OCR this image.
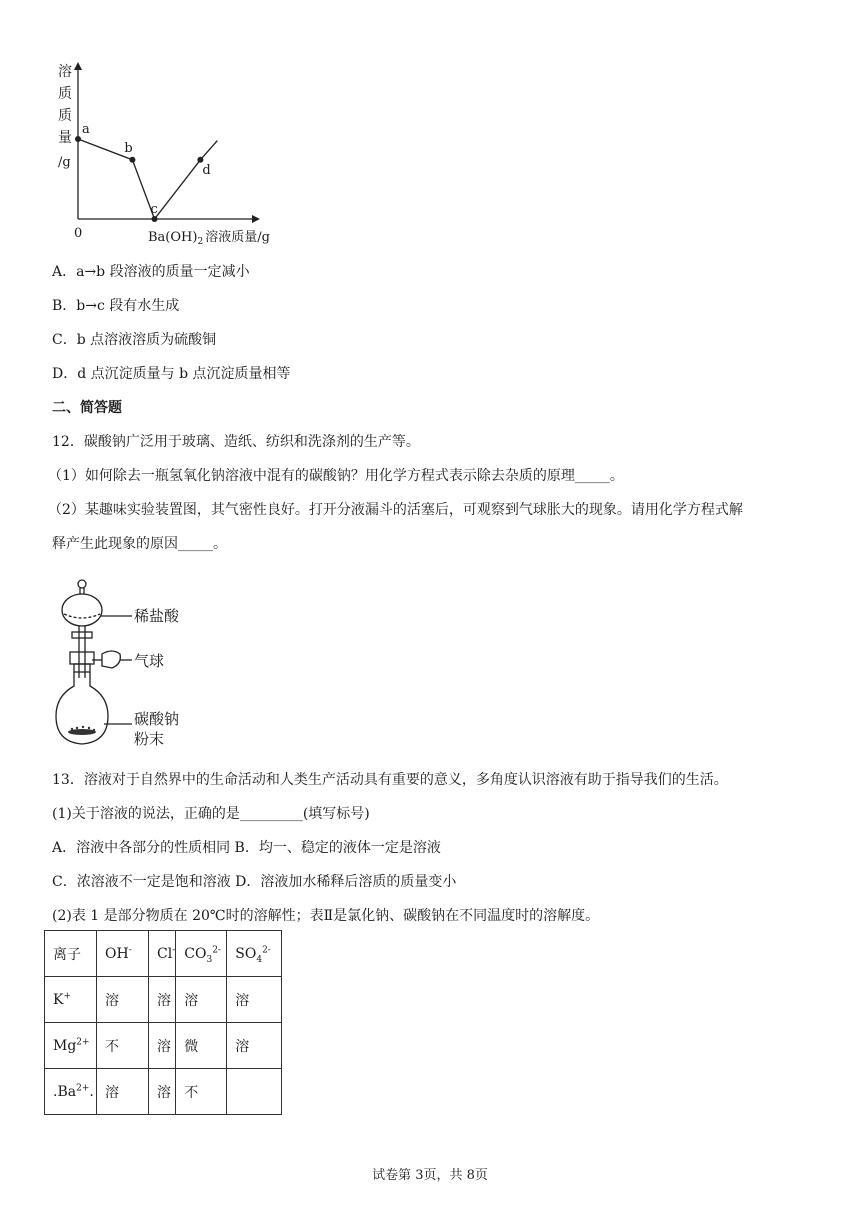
a
b
c
d
溶
质
质
量
/g
0	$Ba(OH)_2$ 溶液质量/g
A．a→b 段溶液的质量一定减小
B．b→c 段有水生成
C．b 点溶液溶质为硫酸铜
D．d 点沉淀质量与 b 点沉淀质量相等
二、简答题
12．碳酸钠广泛用于玻璃、造纸、纺织和洗涤剂的生产等。
（1）如何除去一瓶氢氧化钠溶液中混有的碳酸钠？用化学方程式表示除去杂质的原理_____。
（2）某趣味实验装置图，其气密性良好。打开分液漏斗的活塞后，可观察到气球胀大的现象。请用化学方程式解
释产生此现象的原因_____。
稀盐酸
气球
碳酸钠
粉末
13．溶液对于自然界中的生命活动和人类生产活动具有重要的意义，多角度认识溶液有助于指导我们的生活。
(1)关于溶液的说法，正确的是_________(填写标号)
A．溶液中各部分的性质相同 B．均一、稳定的液体一定是溶液
C．浓溶液不一定是饱和溶液 D．溶液加水稀释后溶质的质量变小
(2)表 1 是部分物质在 20℃时的溶解性；表Ⅱ是氯化钠、碳酸钠在不同温度时的溶解度。
离子	OH-	Cl-	$CO_3^{2-}$	$SO_4^{2-}$
K+	溶	溶	溶	溶
$Mg^{2+}$	不	溶	微	溶
$.Ba^{2+}$.	溶	溶	不	
试卷第 3页，共 8页
